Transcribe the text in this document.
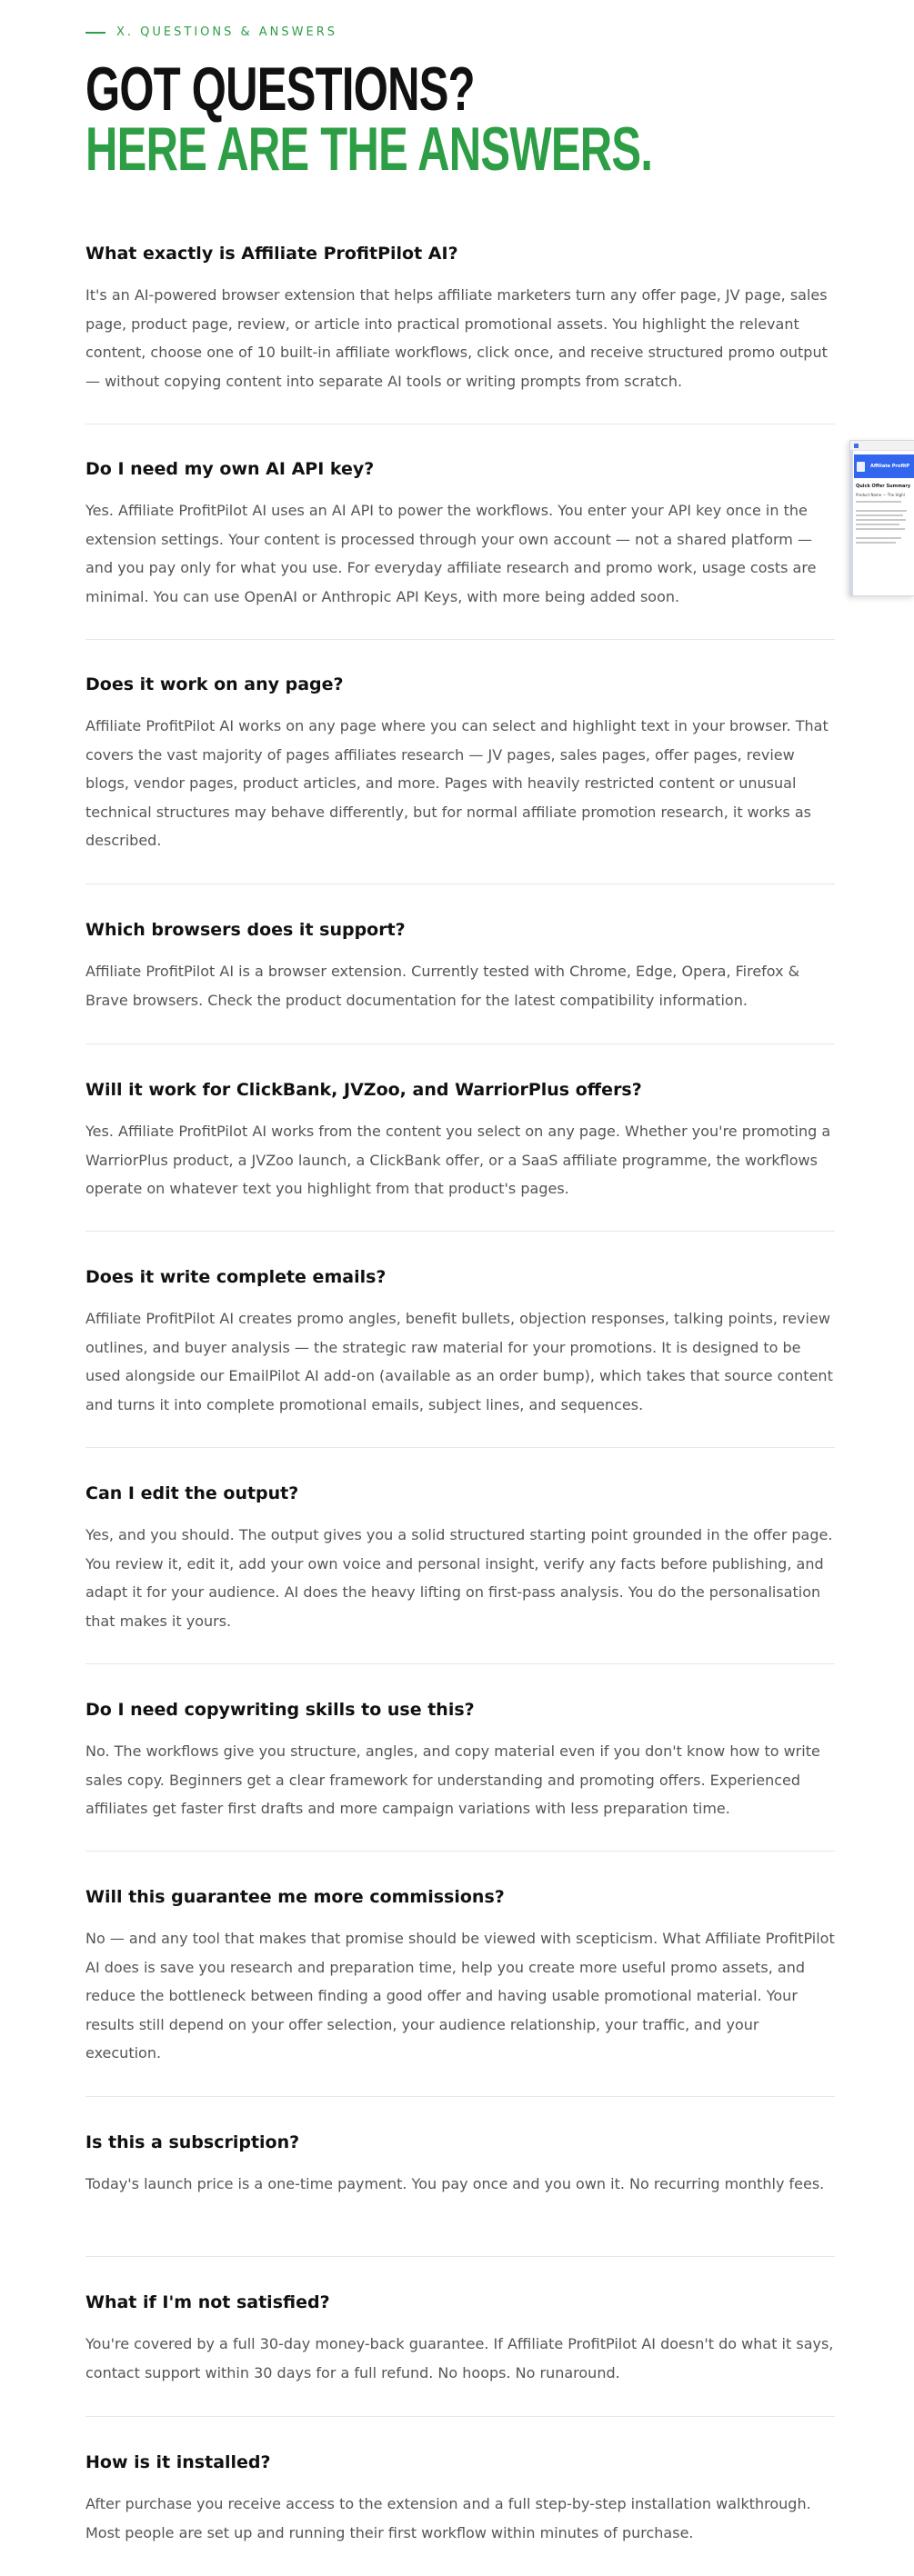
X. QUESTIONS & ANSWERS
GOT QUESTIONS?
HERE ARE THE ANSWERS.
What exactly is Affiliate ProfitPilot AI?

It's an AI-powered browser extension that helps affiliate marketers turn any offer page, JV page, sales page, product page, review, or article into practical promotional assets. You highlight the relevant content, choose one of 10 built-in affiliate workflows, click once, and receive structured promo output — without copying content into separate AI tools or writing prompts from scratch.

Do I need my own AI API key?

Yes. Affiliate ProfitPilot AI uses an AI API to power the workflows. You enter your API key once in the extension settings. Your content is processed through your own account — not a shared platform — and you pay only for what you use. For everyday affiliate research and promo work, usage costs are minimal. You can use OpenAI or Anthropic API Keys, with more being added soon.

Does it work on any page?

Affiliate ProfitPilot AI works on any page where you can select and highlight text in your browser. That covers the vast majority of pages affiliates research — JV pages, sales pages, offer pages, review blogs, vendor pages, product articles, and more. Pages with heavily restricted content or unusual technical structures may behave differently, but for normal affiliate promotion research, it works as described.

Which browsers does it support?

Affiliate ProfitPilot AI is a browser extension. Currently tested with Chrome, Edge, Opera, Firefox & Brave browsers. Check the product documentation for the latest compatibility information.

Will it work for ClickBank, JVZoo, and WarriorPlus offers?

Yes. Affiliate ProfitPilot AI works from the content you select on any page. Whether you're promoting a WarriorPlus product, a JVZoo launch, a ClickBank offer, or a SaaS affiliate programme, the workflows operate on whatever text you highlight from that product's pages.

Does it write complete emails?

Affiliate ProfitPilot AI creates promo angles, benefit bullets, objection responses, talking points, review outlines, and buyer analysis — the strategic raw material for your promotions. It is designed to be used alongside our EmailPilot AI add-on (available as an order bump), which takes that source content and turns it into complete promotional emails, subject lines, and sequences.

Can I edit the output?

Yes, and you should. The output gives you a solid structured starting point grounded in the offer page. You review it, edit it, add your own voice and personal insight, verify any facts before publishing, and adapt it for your audience. AI does the heavy lifting on first-pass analysis. You do the personalisation that makes it yours.

Do I need copywriting skills to use this?

No. The workflows give you structure, angles, and copy material even if you don't know how to write sales copy. Beginners get a clear framework for understanding and promoting offers. Experienced affiliates get faster first drafts and more campaign variations with less preparation time.

Will this guarantee me more commissions?

No — and any tool that makes that promise should be viewed with scepticism. What Affiliate ProfitPilot AI does is save you research and preparation time, help you create more useful promo assets, and reduce the bottleneck between finding a good offer and having usable promotional material. Your results still depend on your offer selection, your audience relationship, your traffic, and your execution.

Is this a subscription?

Today's launch price is a one-time payment. You pay once and you own it. No recurring monthly fees.

What if I'm not satisfied?

You're covered by a full 30-day money-back guarantee. If Affiliate ProfitPilot AI doesn't do what it says, contact support within 30 days for a full refund. No hoops. No runaround.

How is it installed?

After purchase you receive access to the extension and a full step-by-step installation walkthrough. Most people are set up and running their first workflow within minutes of purchase.

Affiliate ProfitP
Quick Offer Summary
Product Name — The Highl
